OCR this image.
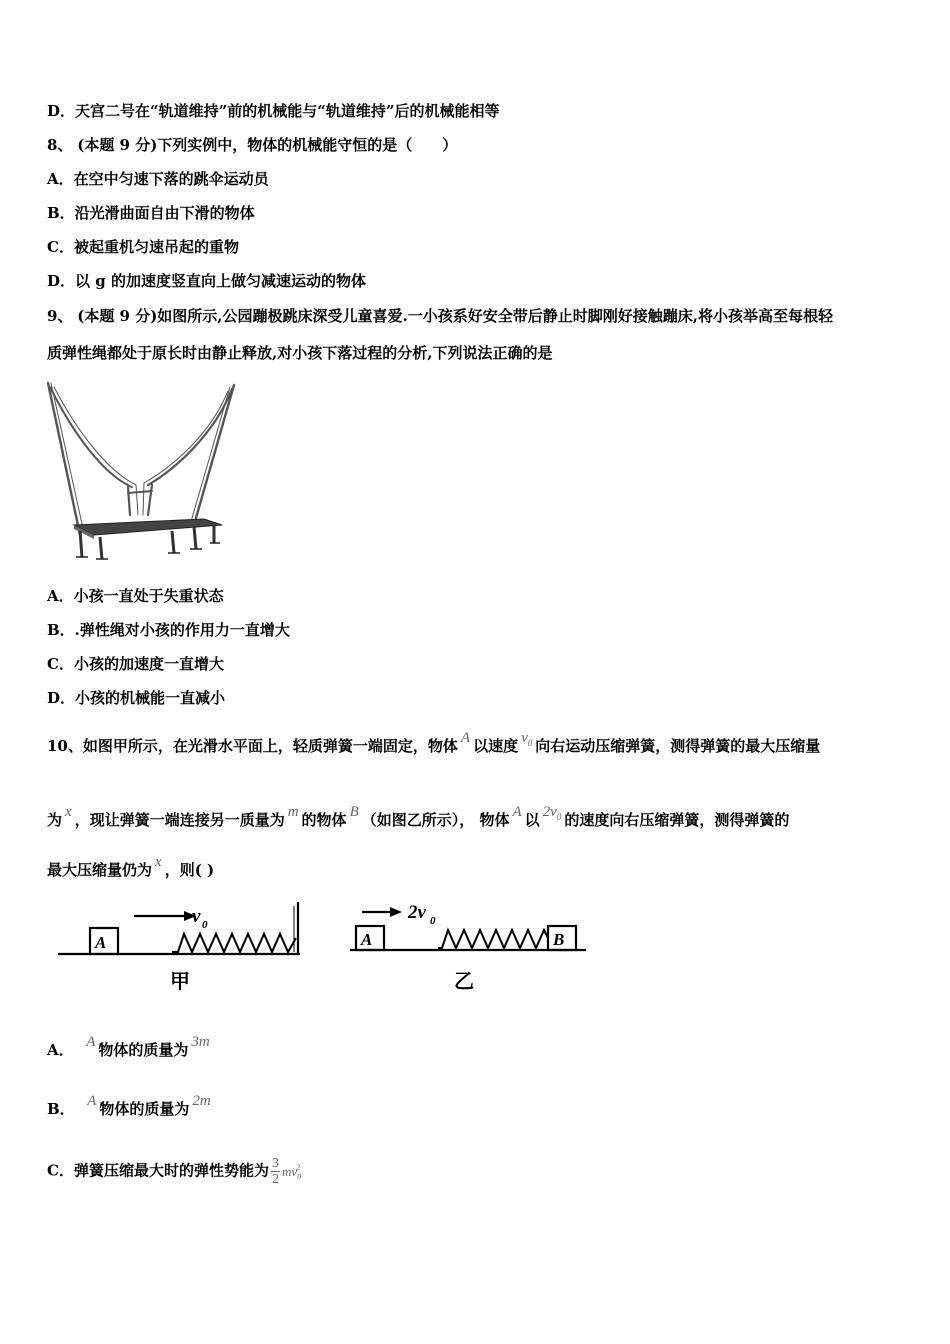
D．天宫二号在“轨道维持”前的机械能与“轨道维持”后的机械能相等
8、 (本题 9 分)下列实例中，物体的机械能守恒的是（　　）
A．在空中匀速下落的跳伞运动员
B．沿光滑曲面自由下滑的物体
C．被起重机匀速吊起的重物
D．以 g 的加速度竖直向上做匀减速运动的物体
9、 (本题 9 分)如图所示,公园蹦极跳床深受儿童喜爱.一小孩系好安全带后静止时脚刚好接触蹦床,将小孩举高至每根轻
质弹性绳都处于原长时由静止释放,对小孩下落过程的分析,下列说法正确的是
A．小孩一直处于失重状态
B．.弹性绳对小孩的作用力一直增大
C．小孩的加速度一直增大
D．小孩的机械能一直减小
10、如图甲所示，在光滑水平面上，轻质弹簧一端固定，物体 A 以速度 $v_0$ 向右运动压缩弹簧，测得弹簧的最大压缩量
为 x ，现让弹簧一端连接另一质量为 m 的物体 B （如图乙所示）， 物体 A 以 $2v_0$ 的速度向右压缩弹簧，测得弹簧的
最大压缩量仍为 x ，则( )
A	A	B
v 0
2v 0
甲	乙
A． A 物体的质量为 3m
B． A 物体的质量为 2m
C．弹簧压缩最大时的弹性势能为 $\frac{3}{2} mv_0^2$
